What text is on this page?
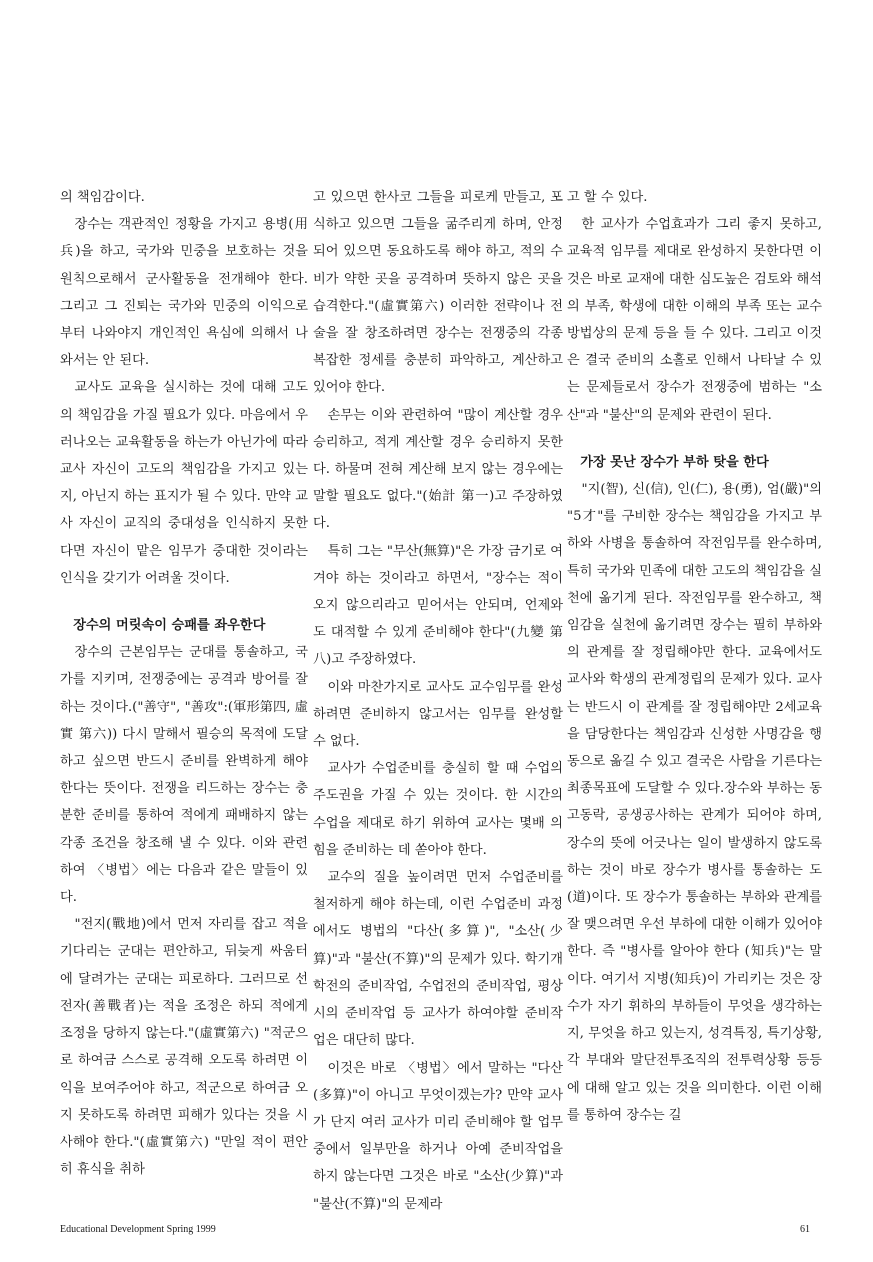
의 책임감이다.

장수는 객관적인 정황을 가지고 용병(用兵)을 하고, 국가와 민중을 보호하는 것을 원칙으로해서 군사활동을 전개해야 한다. 그리고 그 진퇴는 국가와 민중의 이익으로부터 나와야지 개인적인 욕심에 의해서 나와서는 안 된다.

교사도 교육을 실시하는 것에 대해 고도의 책임감을 가질 필요가 있다. 마음에서 우러나오는 교육활동을 하는가 아닌가에 따라 교사 자신이 고도의 책임감을 가지고 있는지, 아닌지 하는 표지가 될 수 있다. 만약 교사 자신이 교직의 중대성을 인식하지 못한다면 자신이 맡은 임무가 중대한 것이라는 인식을 갖기가 어려울 것이다.

장수의 머릿속이 승패를 좌우한다

장수의 근본임무는 군대를 통솔하고, 국가를 지키며, 전쟁중에는 공격과 방어를 잘하는 것이다.("善守", "善攻":(軍形第四, 虛實 第六)) 다시 말해서 필승의 목적에 도달하고 싶으면 반드시 준비를 완벽하게 해야 한다는 뜻이다. 전쟁을 리드하는 장수는 충분한 준비를 통하여 적에게 패배하지 않는 각종 조건을 창조해 낼 수 있다. 이와 관련하여 〈병법〉에는 다음과 같은 말들이 있다.

"전지(戰地)에서 먼저 자리를 잡고 적을 기다리는 군대는 편안하고, 뒤늦게 싸움터에 달려가는 군대는 피로하다. 그러므로 선전자(善戰者)는 적을 조정은 하되 적에게 조정을 당하지 않는다."(虛實第六) "적군으로 하여금 스스로 공격해 오도록 하려면 이익을 보여주어야 하고, 적군으로 하여금 오지 못하도록 하려면 피해가 있다는 것을 시사해야 한다."(虛實第六) "만일 적이 편안히 휴식을 취하

고 있으면 한사코 그들을 피로케 만들고, 포식하고 있으면 그들을 굶주리게 하며, 안정되어 있으면 동요하도록 해야 하고, 적의 수비가 약한 곳을 공격하며 뜻하지 않은 곳을 습격한다."(虛實第六) 이러한 전략이나 전술을 잘 창조하려면 장수는 전쟁중의 각종 복잡한 정세를 충분히 파악하고, 계산하고 있어야 한다.

손무는 이와 관련하여 "많이 계산할 경우 승리하고, 적게 계산할 경우 승리하지 못한다. 하물며 전혀 계산해 보지 않는 경우에는 말할 필요도 없다."(始計 第一)고 주장하였다.

특히 그는 "무산(無算)"은 가장 금기로 여겨야 하는 것이라고 하면서, "장수는 적이 오지 않으리라고 믿어서는 안되며, 언제와도 대적할 수 있게 준비해야 한다"(九變 第八)고 주장하였다.

이와 마찬가지로 교사도 교수임무를 완성하려면 준비하지 않고서는 임무를 완성할 수 없다.

교사가 수업준비를 충실히 할 때 수업의 주도권을 가질 수 있는 것이다. 한 시간의 수업을 제대로 하기 위하여 교사는 몇배 의 힘을 준비하는 데 쏟아야 한다.

교수의 질을 높이려면 먼저 수업준비를 철저하게 해야 하는데, 이런 수업준비 과정에서도 병법의 "다산(多算)", "소산(少算)"과 "불산(不算)"의 문제가 있다. 학기개학전의 준비작업, 수업전의 준비작업, 평상시의 준비작업 등 교사가 하여야할 준비작업은 대단히 많다.

이것은 바로 〈병법〉에서 말하는 "다산(多算)"이 아니고 무엇이겠는가? 만약 교사가 단지 여러 교사가 미리 준비해야 할 업무중에서 일부만을 하거나 아예 준비작업을 하지 않는다면 그것은 바로 "소산(少算)"과 "불산(不算)"의 문제라

고 할 수 있다.

한 교사가 수업효과가 그리 좋지 못하고, 교육적 임무를 제대로 완성하지 못한다면 이것은 바로 교재에 대한 심도높은 검토와 해석의 부족, 학생에 대한 이해의 부족 또는 교수방법상의 문제 등을 들 수 있다. 그리고 이것은 결국 준비의 소홀로 인해서 나타날 수 있는 문제들로서 장수가 전쟁중에 범하는 "소산"과 "불산"의 문제와 관련이 된다.

가장 못난 장수가 부하 탓을 한다

"지(智), 신(信), 인(仁), 용(勇), 엄(嚴)"의 "5才"를 구비한 장수는 책임감을 가지고 부하와 사병을 통솔하여 작전임무를 완수하며, 특히 국가와 민족에 대한 고도의 책임감을 실천에 옮기게 된다. 작전임무를 완수하고, 책임감을 실천에 옮기려면 장수는 필히 부하와의 관계를 잘 정립해야만 한다. 교육에서도 교사와 학생의 관계정립의 문제가 있다. 교사는 반드시 이 관계를 잘 정립해야만 2세교육을 담당한다는 책임감과 신성한 사명감을 행동으로 옮길 수 있고 결국은 사람을 기른다는 최종목표에 도달할 수 있다.장수와 부하는 동고동락, 공생공사하는 관계가 되어야 하며, 장수의 뜻에 어긋나는 일이 발생하지 않도록 하는 것이 바로 장수가 병사를 통솔하는 도(道)이다. 또 장수가 통솔하는 부하와 관계를 잘 맺으려면 우선 부하에 대한 이해가 있어야 한다. 즉 "병사를 알아야 한다 (知兵)"는 말이다. 여기서 지병(知兵)이 가리키는 것은 장수가 자기 휘하의 부하들이 무엇을 생각하는지, 무엇을 하고 있는지, 성격특징, 특기상황, 각 부대와 말단전투조직의 전투력상황 등등에 대해 알고 있는 것을 의미한다. 이런 이해를 통하여 장수는 길

Educational Development Spring 1999	61
